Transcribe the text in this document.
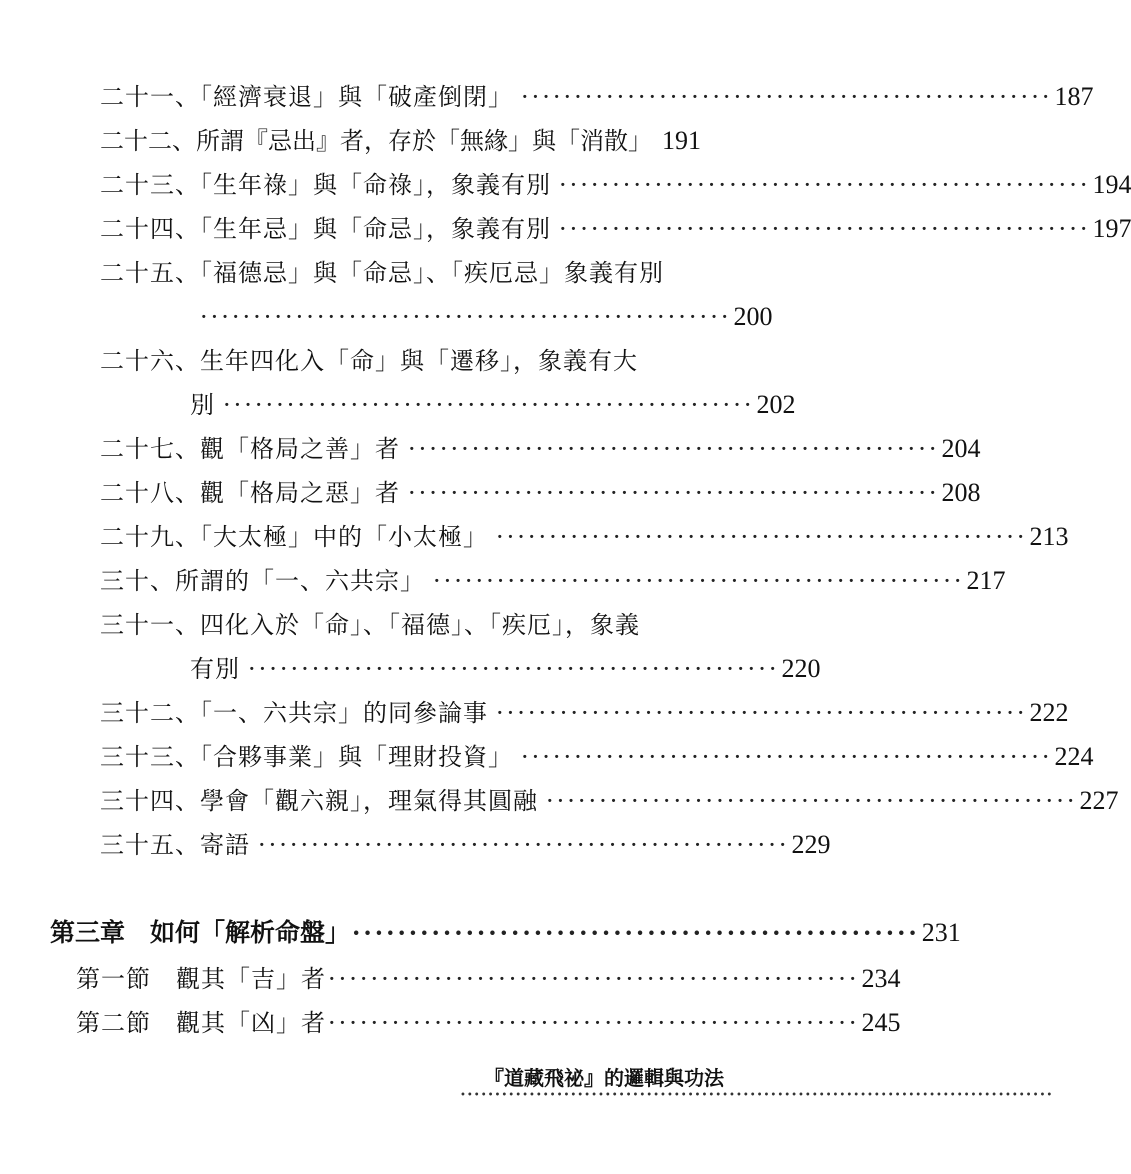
二十一、「經濟衰退」與「破產倒閉」 ·················································· 187
二十二、所謂『忌出』者，存於「無緣」與「消散」 191
二十三、「生年祿」與「命祿」，象義有別 ·················································· 194
二十四、「生年忌」與「命忌」，象義有別 ·················································· 197
二十五、「福德忌」與「命忌」、「疾厄忌」象義有別
·················································· 200
二十六、生年四化入「命」與「遷移」，象義有大
別 ·················································· 202
二十七、觀「格局之善」者 ·················································· 204
二十八、觀「格局之惡」者 ·················································· 208
二十九、「大太極」中的「小太極」 ·················································· 213
三十、所謂的「一、六共宗」 ·················································· 217
三十一、四化入於「命」、「福德」、「疾厄」，象義
有別 ·················································· 220
三十二、「一、六共宗」的同參論事 ·················································· 222
三十三、「合夥事業」與「理財投資」 ·················································· 224
三十四、學會「觀六親」，理氣得其圓融 ·················································· 227
三十五、寄語 ·················································· 229
第三章　如何「解析命盤」 ·················································· 231
第一節　觀其「吉」者 ·················································· 234
第二節　觀其「凶」者 ·················································· 245
『道藏飛祕』的邏輯與功法
••••••••••••••••••••••••••••••••••••••••••••••••••••••••••••••••••••••••••••••••••••••
